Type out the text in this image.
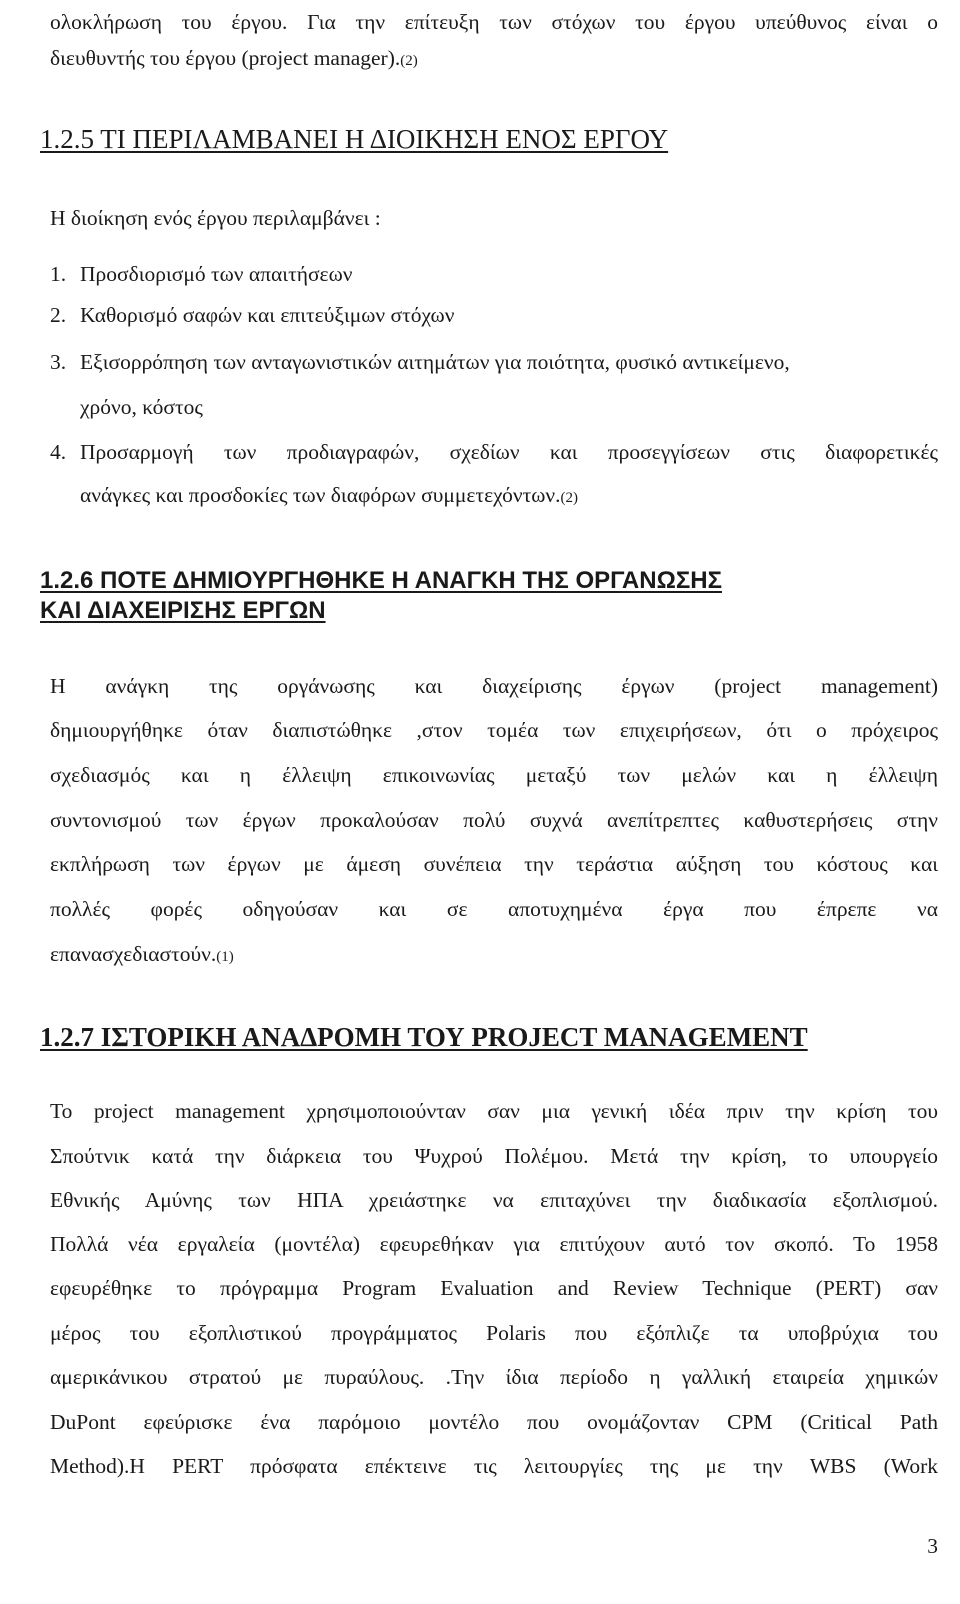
ολοκλήρωση του έργου. Για την επίτευξη των στόχων του έργου υπεύθυνος είναι ο
διευθυντής του έργου (project manager).(2)
1.2.5 ΤΙ ΠΕΡΙΛΑΜΒΑΝΕΙ Η ΔΙΟΙΚΗΣΗ ΕΝΟΣ ΕΡΓΟΥ
Η διοίκηση ενός έργου περιλαμβάνει :
1. Προσδιορισμό των απαιτήσεων
2. Καθορισμό σαφών και επιτεύξιμων στόχων
3. Εξισορρόπηση των ανταγωνιστικών αιτημάτων για ποιότητα, φυσικό αντικείμενο,
χρόνο, κόστος
4. Προσαρμογή των προδιαγραφών, σχεδίων και προσεγγίσεων στις διαφορετικές
ανάγκες και προσδοκίες των διαφόρων συμμετεχόντων.(2)
1.2.6 ΠΟΤΕ ΔΗΜΙΟΥΡΓΗΘΗΚΕ Η ΑΝΑΓΚΗ ΤΗΣ ΟΡΓΑΝΩΣΗΣ
ΚΑΙ ΔΙΑΧΕΙΡΙΣΗΣ ΕΡΓΩΝ
Η ανάγκη της οργάνωσης και διαχείρισης έργων (project management)
δημιουργήθηκε όταν διαπιστώθηκε ,στον τομέα των επιχειρήσεων, ότι ο πρόχειρος
σχεδιασμός και η έλλειψη επικοινωνίας μεταξύ των μελών και η έλλειψη
συντονισμού των έργων προκαλούσαν πολύ συχνά ανεπίτρεπτες καθυστερήσεις στην
εκπλήρωση των έργων με άμεση συνέπεια την τεράστια αύξηση του κόστους και
πολλές φορές οδηγούσαν και σε αποτυχημένα έργα που έπρεπε να
επανασχεδιαστούν.(1)
1.2.7 ΙΣΤΟΡΙΚΗ ΑΝΑΔΡΟΜΗ ΤΟΥ PROJECT MANAGEMENT
Το project management χρησιμοποιούνταν σαν μια γενική ιδέα πριν την κρίση του
Σπούτνικ κατά την διάρκεια του Ψυχρού Πολέμου. Μετά την κρίση, το υπουργείο
Εθνικής Αμύνης των ΗΠΑ χρειάστηκε να επιταχύνει την διαδικασία εξοπλισμού.
Πολλά νέα εργαλεία (μοντέλα) εφευρεθήκαν για επιτύχουν αυτό τον σκοπό. Το 1958
εφευρέθηκε το πρόγραμμα Program Evaluation and Review Technique (PERT) σαν
μέρος του εξοπλιστικού προγράμματος Polaris που εξόπλιζε τα υποβρύχια του
αμερικάνικου στρατού με πυραύλους. .Την ίδια περίοδο η γαλλική εταιρεία χημικών
DuPont εφεύρισκε ένα παρόμοιο μοντέλο που ονομάζονταν CPM (Critical Path
Method).Η PERT πρόσφατα επέκτεινε τις λειτουργίες της με την WBS (Work
3
